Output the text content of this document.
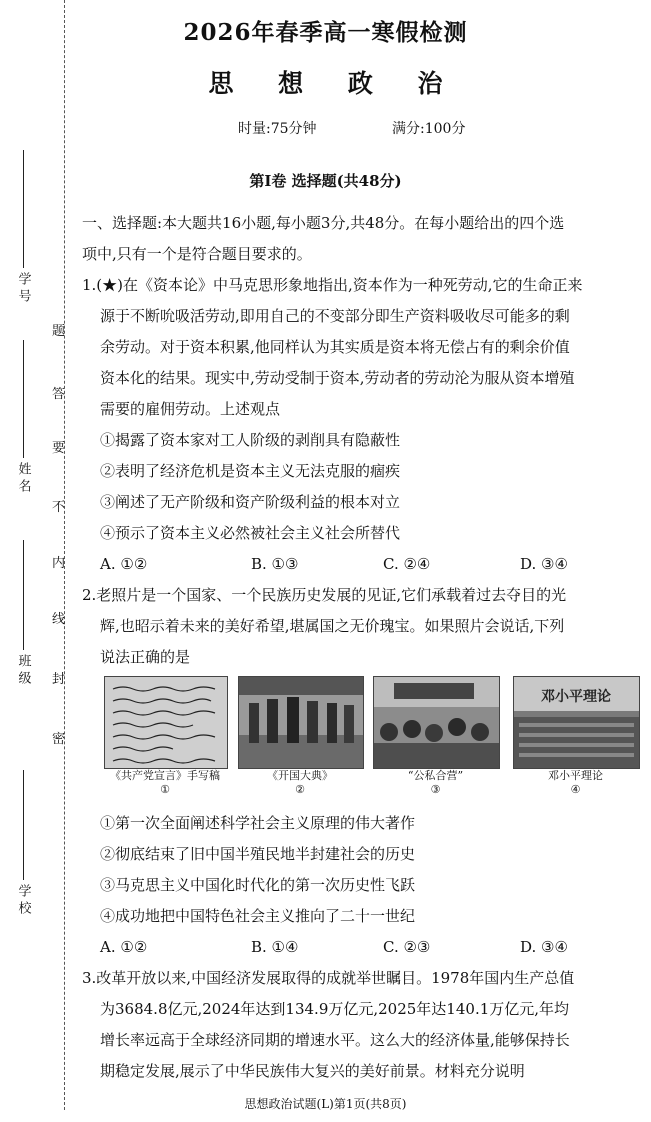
学 号
姓 名
班 级
学 校
题
答
要
不
内
线
封
密
2026年春季高一寒假检测
思 想 政 治
时量:75分钟	满分:100分
第Ⅰ卷 选择题(共48分)
一、选择题:本大题共16小题,每小题3分,共48分。在每小题给出的四个选
项中,只有一个是符合题目要求的。
1.(★)在《资本论》中马克思形象地指出,资本作为一种死劳动,它的生命正来
源于不断吮吸活劳动,即用自己的不变部分即生产资料吸收尽可能多的剩
余劳动。对于资本积累,他同样认为其实质是资本将无偿占有的剩余价值
资本化的结果。现实中,劳动受制于资本,劳动者的劳动沦为服从资本增殖
需要的雇佣劳动。上述观点
①揭露了资本家对工人阶级的剥削具有隐蔽性
②表明了经济危机是资本主义无法克服的痼疾
③阐述了无产阶级和资产阶级利益的根本对立
④预示了资本主义必然被社会主义社会所替代
A. ①②	B. ①③	C. ②④	D. ③④
2.老照片是一个国家、一个民族历史发展的见证,它们承载着过去夺目的光
辉,也昭示着未来的美好希望,堪属国之无价瑰宝。如果照片会说话,下列
说法正确的是
邓小平理论
《共产党宣言》手写稿
①
《开国大典》
②
“公私合营”
③
邓小平理论
④
①第一次全面阐述科学社会主义原理的伟大著作
②彻底结束了旧中国半殖民地半封建社会的历史
③马克思主义中国化时代化的第一次历史性飞跃
④成功地把中国特色社会主义推向了二十一世纪
A. ①②	B. ①④	C. ②③	D. ③④
3.改革开放以来,中国经济发展取得的成就举世瞩目。1978年国内生产总值
为3684.8亿元,2024年达到134.9万亿元,2025年达140.1万亿元,年均
增长率远高于全球经济同期的增速水平。这么大的经济体量,能够保持长
期稳定发展,展示了中华民族伟大复兴的美好前景。材料充分说明
思想政治试题(L)第1页(共8页)
